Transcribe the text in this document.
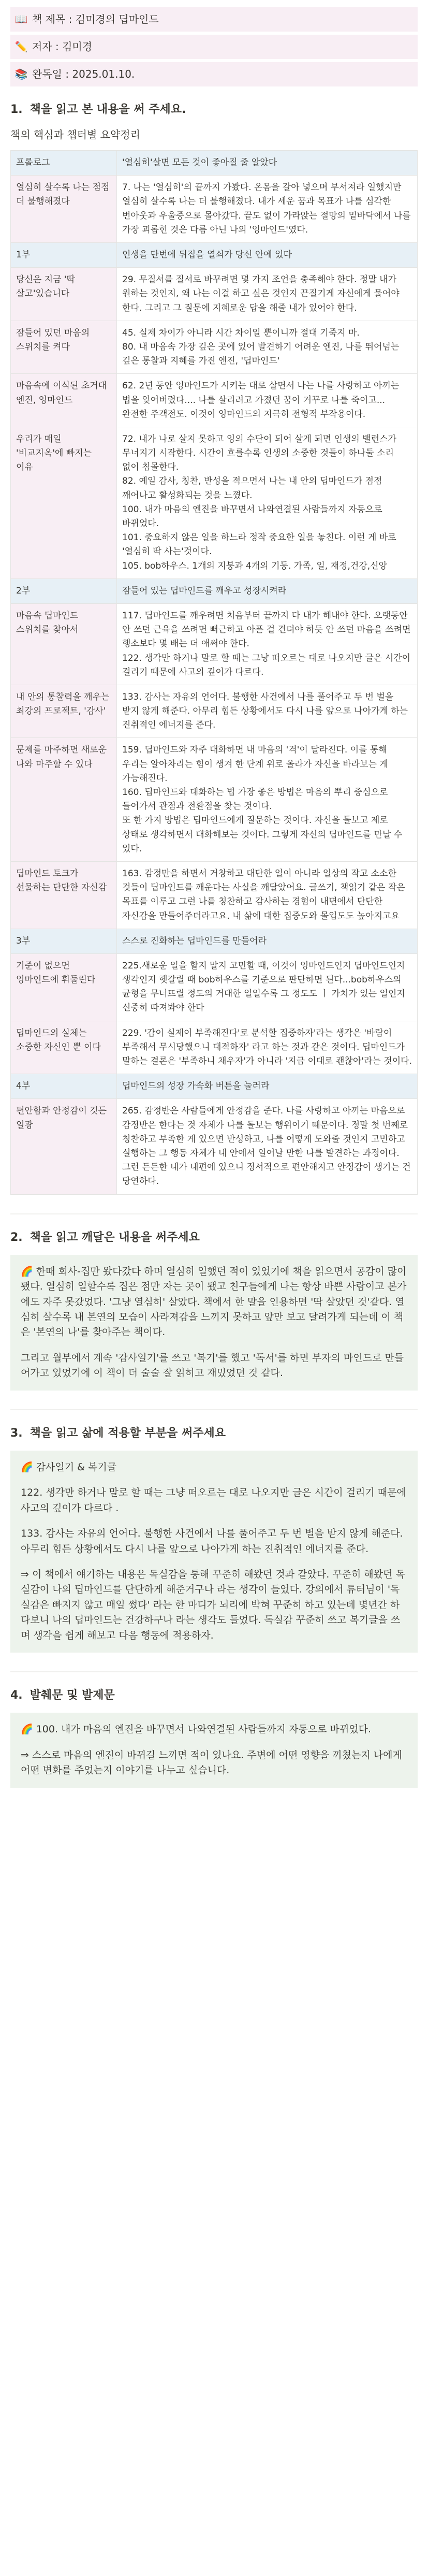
📖 책 제목 : 김미경의 딥마인드
✏️ 저자 : 김미경
📚 완독일 : 2025.01.10.
1. 책을 읽고 본 내용을 써 주세요.
책의 핵심과 챕터별 요약정리
프롤로그	'열심히'살면 모든 것이 좋아질 줄 알았다
열심히 살수록 나는 점점 더 불행해졌다	7. 나는 '열심히'의 끝까지 가봤다. 온몸을 갈아 넣으며 부서져라 일했지만 열심히 살수록 나는 더 불행해졌다. 내가 세운 꿈과 목표가 나를 심각한 번아웃과 우울증으로 몰아갔다. 끝도 없이 가라앉는 절망의 밑바닥에서 나를 가장 괴롭힌 것은 다름 아닌 나의 '잉마인드'였다.
1부	인생을 단번에 뒤집을 열쇠가 당신 안에 있다
당신은 지금 '딱 살고'있습니다	29. 무질서를 질서로 바꾸려면 몇 가지 조언을 충족해야 한다. 정말 내가 원하는 것인지, 왜 나는 이걸 하고 싶은 것인지 끈질기게 자신에게 물어야 한다. 그리고 그 질문에 지혜로운 답을 해줄 내가 있어야 한다.
잠들어 있던 마음의 스위치를 켜다	45. 실제 차이가 아니라 시간 차이일 뿐이니까 절대 기죽지 마.
80. 내 마음속 가장 깊은 곳에 있어 발견하기 어려운 엔진, 나를 뛰어넘는 깊은 통찰과 지혜를 가진 엔진, '딥마인드'
마음속에 이식된 초거대 엔진, 잉마인드	62. 2년 동안 잉마인드가 시키는 대로 살면서 나는 나를 사랑하고 아끼는 법을 잊어버렸다.... 나를 살리려고 가졌던 꿈이 거꾸로 나를 죽이고... 완전한 주객전도. 이것이 잉마인드의 지극히 전형적 부작용이다.
우리가 매일 '비교지옥'에 빠지는 이유	72. 내가 나로 살지 못하고 잉의 수단이 되어 살게 되면 인생의 밸런스가 무너지기 시작한다. 시간이 흐를수록 인생의 소중한 것들이 하나둘 소리 없이 침몰한다.
82. 예일 감사, 칭찬, 반성을 적으면서 나는 내 안의 딥마인드가 점점 깨어나고 활성화되는 것을 느꼈다.
100. 내가 마음의 엔진을 바꾸면서 나와연결된 사람들까지 자동으로 바뀌었다.
101. 중요하지 않은 일을 하느라 정작 중요한 일을 놓친다. 이런 게 바로 '열심히 딱 사는'것이다.
105. bob하우스. 1개의 지붕과 4개의 기둥. 가족, 일, 재정,건강,신앙
2부	잠들어 있는 딥마인드를 깨우고 성장시켜라
마음속 딥마인드 스위치를 찾아서	117. 딥마인드를 깨우려면 처음부터 끝까지 다 내가 해내야 한다. 오랫동안 안 쓰던 근육을 쓰려면 뻐근하고 아픈 걸 견뎌야 하듯 안 쓰던 마음을 쓰려면 행소보다 몇 배는 더 애써야 한다.
122. 생각만 하거나 말로 할 때는 그냥 떠오르는 대로 나오지만 글은 시간이 걸리기 때문에 사고의 깊이가 다르다.
내 안의 통찰력을 깨우는 최강의 프로젝트, '감사'	133. 감사는 자유의 언어다. 불행한 사건에서 나를 풀어주고 두 번 벌을 받지 않게 해준다. 아무리 힘든 상황에서도 다시 나를 앞으로 나아가게 하는 진취적인 에너지를 준다.
문제를 마주하면 새로운 나와 마주할 수 있다	159. 딥마인드와 자주 대화하면 내 마음의 '격'이 달라진다. 이를 통해 우리는 알아차리는 힘이 생겨 한 단계 위로 올라가 자신을 바라보는 게 가능해진다.
160. 딥마인드와 대화하는 법 가장 좋은 방법은 마음의 뿌리 중심으로 들어가서 관점과 전환점을 찾는 것이다.
또 한 가지 방법은 딥마인드에게 질문하는 것이다. 자신을 돌보고 제로 상태로 생각하면서 대화해보는 것이다. 그렇게 자신의 딥마인드를 만날 수 있다.
딥마인드 토크가 선물하는 단단한 자신감	163. 감정만을 하면서 거창하고 대단한 일이 아니라 일상의 작고 소소한 것들이 딥마인드를 깨운다는 사실을 깨달았어요. 글쓰기, 책읽기 같은 작은 목표를 이루고 그런 나를 칭찬하고 감사하는 경험이 내면에서 단단한 자신감을 만들어주더라고요. 내 삶에 대한 집중도와 몰입도도 높아지고요
3부	스스로 진화하는 딥마인드를 만들어라
기준이 없으면 잉마인드에 휘둘린다	225.새로운 일을 할지 말지 고민할 때, 이것이 잉마인드인지 딥마인드인지 생각인지 헷갈릴 때 bob하우스를 기준으로 판단하면 된다...bob하우스의 균형을 무너뜨릴 정도의 거대한 일일수록 그 정도도 ㅣ 가치가 있는 일인지 신중히 따져봐야 한다
딥마인드의 실체는 소중한 자신인 뿐 이다	229. '감이 실제이 부족해진다'로 분석할 집중하자'라는 생각은 '바람이 부족해서 무시당했으니 대적하자' 라고 하는 것과 같은 것이다. 딥마인드가 말하는 결론은 '부족하니 채우자'가 아니라 '지금 이대로 괜찮아'라는 것이다.
4부	딥마인드의 성장 가속화 버튼을 눌러라
편안함과 안정감이 깃든 일광	265. 감정반은 사람들에게 안정감을 준다. 나를 사랑하고 아끼는 마음으로 감정반은 한다는 것 자체가 나를 돌보는 행위이기 때문이다. 정말 첫 번째로 칭찬하고 부족한 게 있으면 반성하고, 나를 어떻게 도와줄 것인지 고민하고 실행하는 그 행동 자체가 내 안에서 일어날 만한 나를 발견하는 과정이다. 그런 든든한 내가 내편에 있으니 정서적으로 편안해지고 안정감이 생기는 건 당연하다.
2. 책을 읽고 깨달은 내용을 써주세요

🌈 한때 회사-집만 왔다갔다 하며 열심히 일했던 적이 있었기에 책을 읽으면서 공감이 많이 됐다. 열심히 일할수록 집은 점만 자는 곳이 됐고 친구들에게 나는 항상 바쁜 사람이고 본가에도 자주 못갔었다. '그냥 열심히' 살았다. 책에서 한 말을 인용하면 '딱 살았던 것'같다. 열심히 살수록 내 본연의 모습이 사라져감을 느끼지 못하고 앞만 보고 달려가게 되는데 이 책은 '본연의 나'를 찾아주는 책이다.

그리고 월부에서 계속 '감사일기'를 쓰고 '복기'를 했고 '독서'를 하면 부자의 마인드로 만들어가고 있었기에 이 책이 더 술술 잘 읽히고 재밌었던 것 같다.

3. 책을 읽고 삶에 적용할 부분을 써주세요

🌈 감사일기 & 복기글

122. 생각만 하거나 말로 할 때는 그냥 떠오르는 대로 나오지만 글은 시간이 걸리기 때문에 사고의 깊이가 다르다 .

133. 감사는 자유의 언어다. 불행한 사건에서 나를 풀어주고 두 번 벌을 받지 않게 해준다. 아무리 힘든 상황에서도 다시 나를 앞으로 나아가게 하는 진취적인 에너지를 준다.

⇒ 이 책에서 얘기하는 내용은 독실감을 통해 꾸준히 해왔던 것과 같았다. 꾸준히 해왔던 독실감이 나의 딥마인드를 단단하게 해준거구나 라는 생각이 들었다. 강의에서 튜터님이 '독실감은 빠지지 않고 매일 썼다' 라는 한 마디가 뇌리에 박혀 꾸준히 하고 있는데 몇년간 하다보니 나의 딥마인드는 건강하구나 라는 생각도 들었다. 독실감 꾸준히 쓰고 복기글을 쓰며 생각을 쉽게 해보고 다음 행동에 적용하자.

4. 발췌문 및 발제문

🌈 100. 내가 마음의 엔진을 바꾸면서 나와연결된 사람들까지 자동으로 바뀌었다.

⇒ 스스로 마음의 엔진이 바뀌길 느끼면 적이 있나요. 주변에 어떤 영향을 끼쳤는지 나에게 어떤 변화를 주었는지 이야기를 나누고 싶습니다.
